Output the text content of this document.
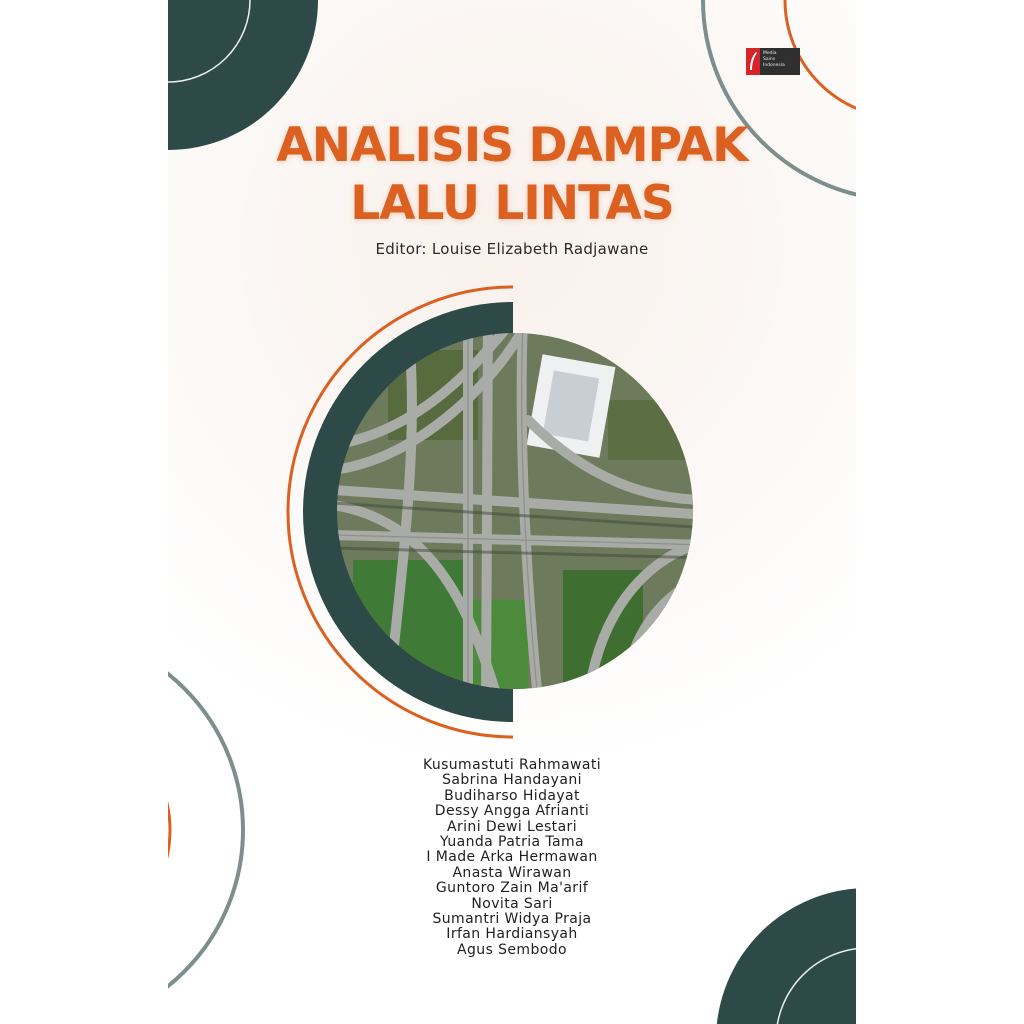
Media
Sains
Indonesia
ANALISIS DAMPAK
LALU LINTAS
Editor: Louise Elizabeth Radjawane
Kusumastuti Rahmawati
Sabrina Handayani
Budiharso Hidayat
Dessy Angga Afrianti
Arini Dewi Lestari
Yuanda Patria Tama
I Made Arka Hermawan
Anasta Wirawan
Guntoro Zain Ma'arif
Novita Sari
Sumantri Widya Praja
Irfan Hardiansyah
Agus Sembodo
